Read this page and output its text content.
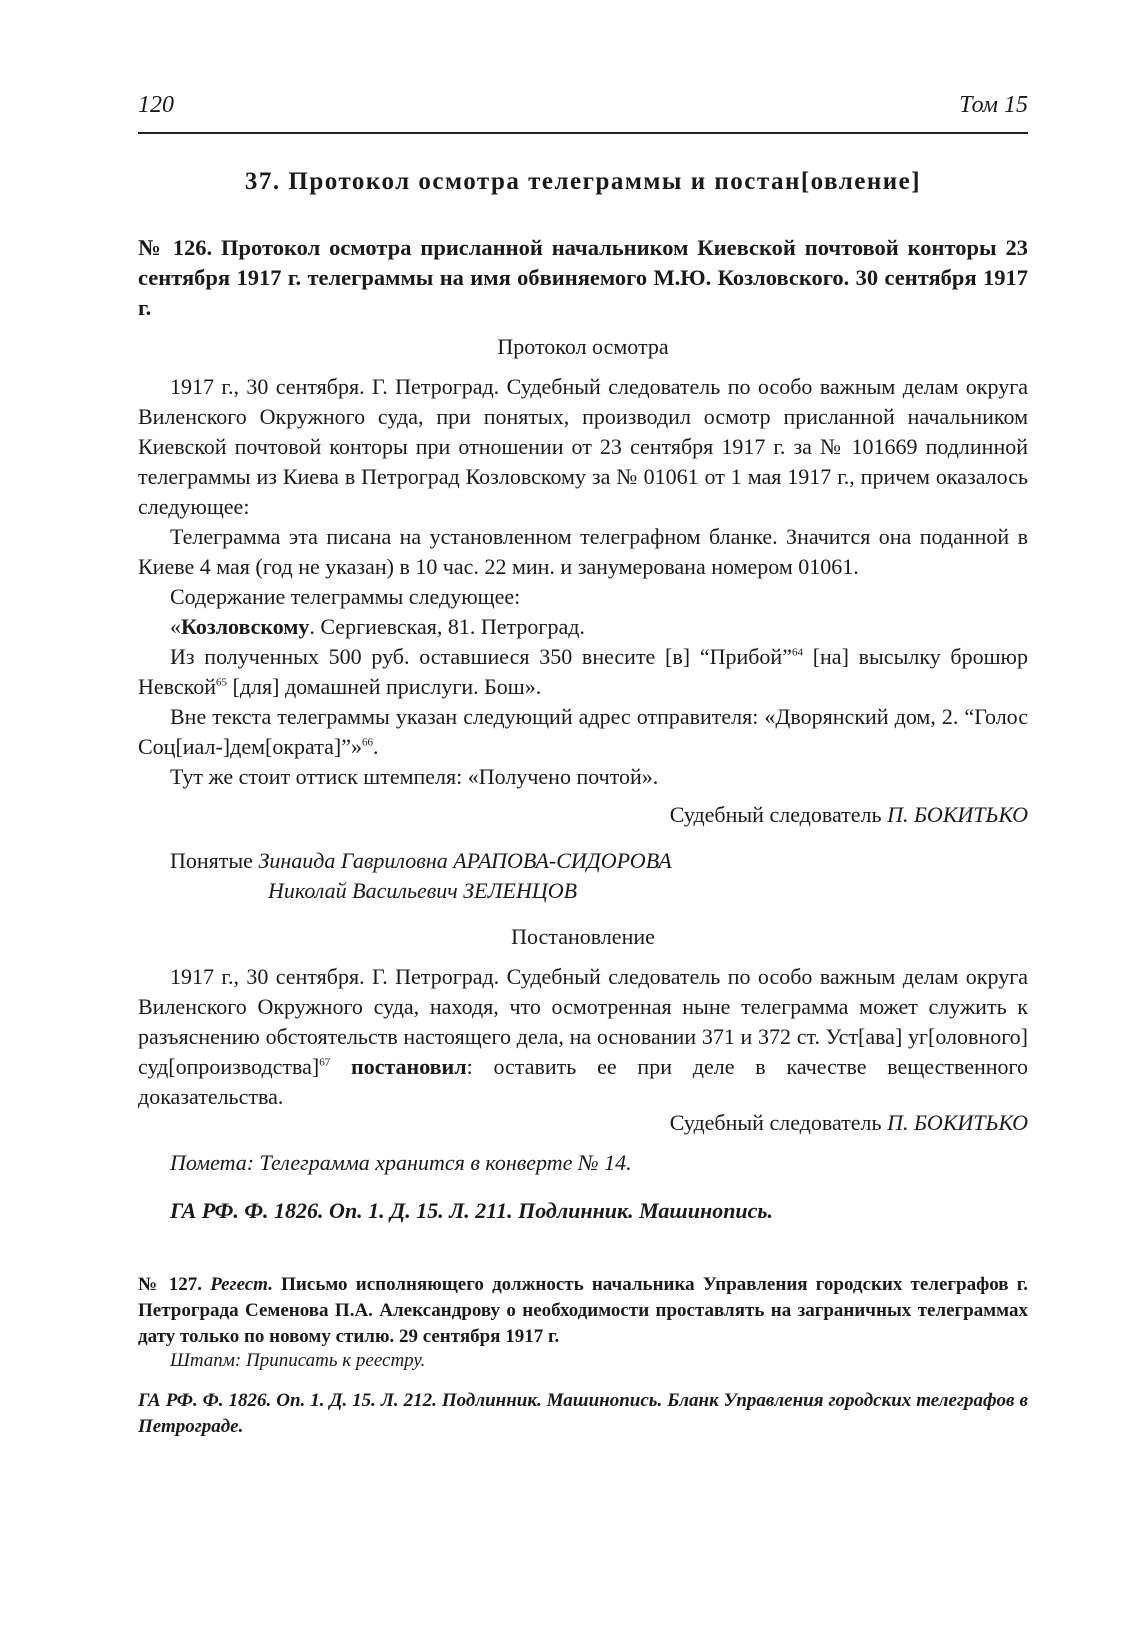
120	Том 15
37. Протокол осмотра телеграммы и постан[овление]
№ 126. Протокол осмотра присланной начальником Киевской почтовой конторы 23 сентября 1917 г. телеграммы на имя обвиняемого М.Ю. Козловского. 30 сентября 1917 г.
Протокол осмотра

1917 г., 30 сентября. Г. Петроград. Судебный следователь по особо важным делам округа Виленского Окружного суда, при понятых, производил осмотр присланной начальником Киевской почтовой конторы при отношении от 23 сентября 1917 г. за № 101669 подлинной телеграммы из Киева в Петроград Козловскому за № 01061 от 1 мая 1917 г., причем оказалось следующее:

Телеграмма эта писана на установленном телеграфном бланке. Значится она поданной в Киеве 4 мая (год не указан) в 10 час. 22 мин. и занумерована номером 01061.

Содержание телеграммы следующее:

«Козловскому. Сергиевская, 81. Петроград.

Из полученных 500 руб. оставшиеся 350 внесите [в] “Прибой”$^{64}$ [на] высылку брошюр Невской$^{65}$ [для] домашней прислуги. Бош».

Вне текста телеграммы указан следующий адрес отправителя: «Дворянский дом, 2. “Голос Соц[иал-]дем[ократа]”»$^{66}$.

Тут же стоит оттиск штемпеля: «Получено почтой».

Судебный следователь П. БОКИТЬКО
Понятые Зинаида Гавриловна АРАПОВА-СИДОРОВА
Николай Васильевич ЗЕЛЕНЦОВ
Постановление

1917 г., 30 сентября. Г. Петроград. Судебный следователь по особо важным делам округа Виленского Окружного суда, находя, что осмотренная ныне телеграмма может служить к разъяснению обстоятельств настоящего дела, на основании 371 и 372 ст. Уст[ава] уг[оловного] суд[опроизводства]$^{67}$ постановил: оставить ее при деле в качестве вещественного доказательства.

Судебный следователь П. БОКИТЬКО
Помета: Телеграмма хранится в конверте № 14.
ГА РФ. Ф. 1826. Оп. 1. Д. 15. Л. 211. Подлинник. Машинопись.
№ 127. Регест. Письмо исполняющего должность начальника Управления городских телеграфов г. Петрограда Семенова П.А. Александрову о необходимости проставлять на заграничных телеграммах дату только по новому стилю. 29 сентября 1917 г.
Штапм: Приписать к реестру.
ГА РФ. Ф. 1826. Оп. 1. Д. 15. Л. 212. Подлинник. Машинопись. Бланк Управления городских телеграфов в Петрограде.
